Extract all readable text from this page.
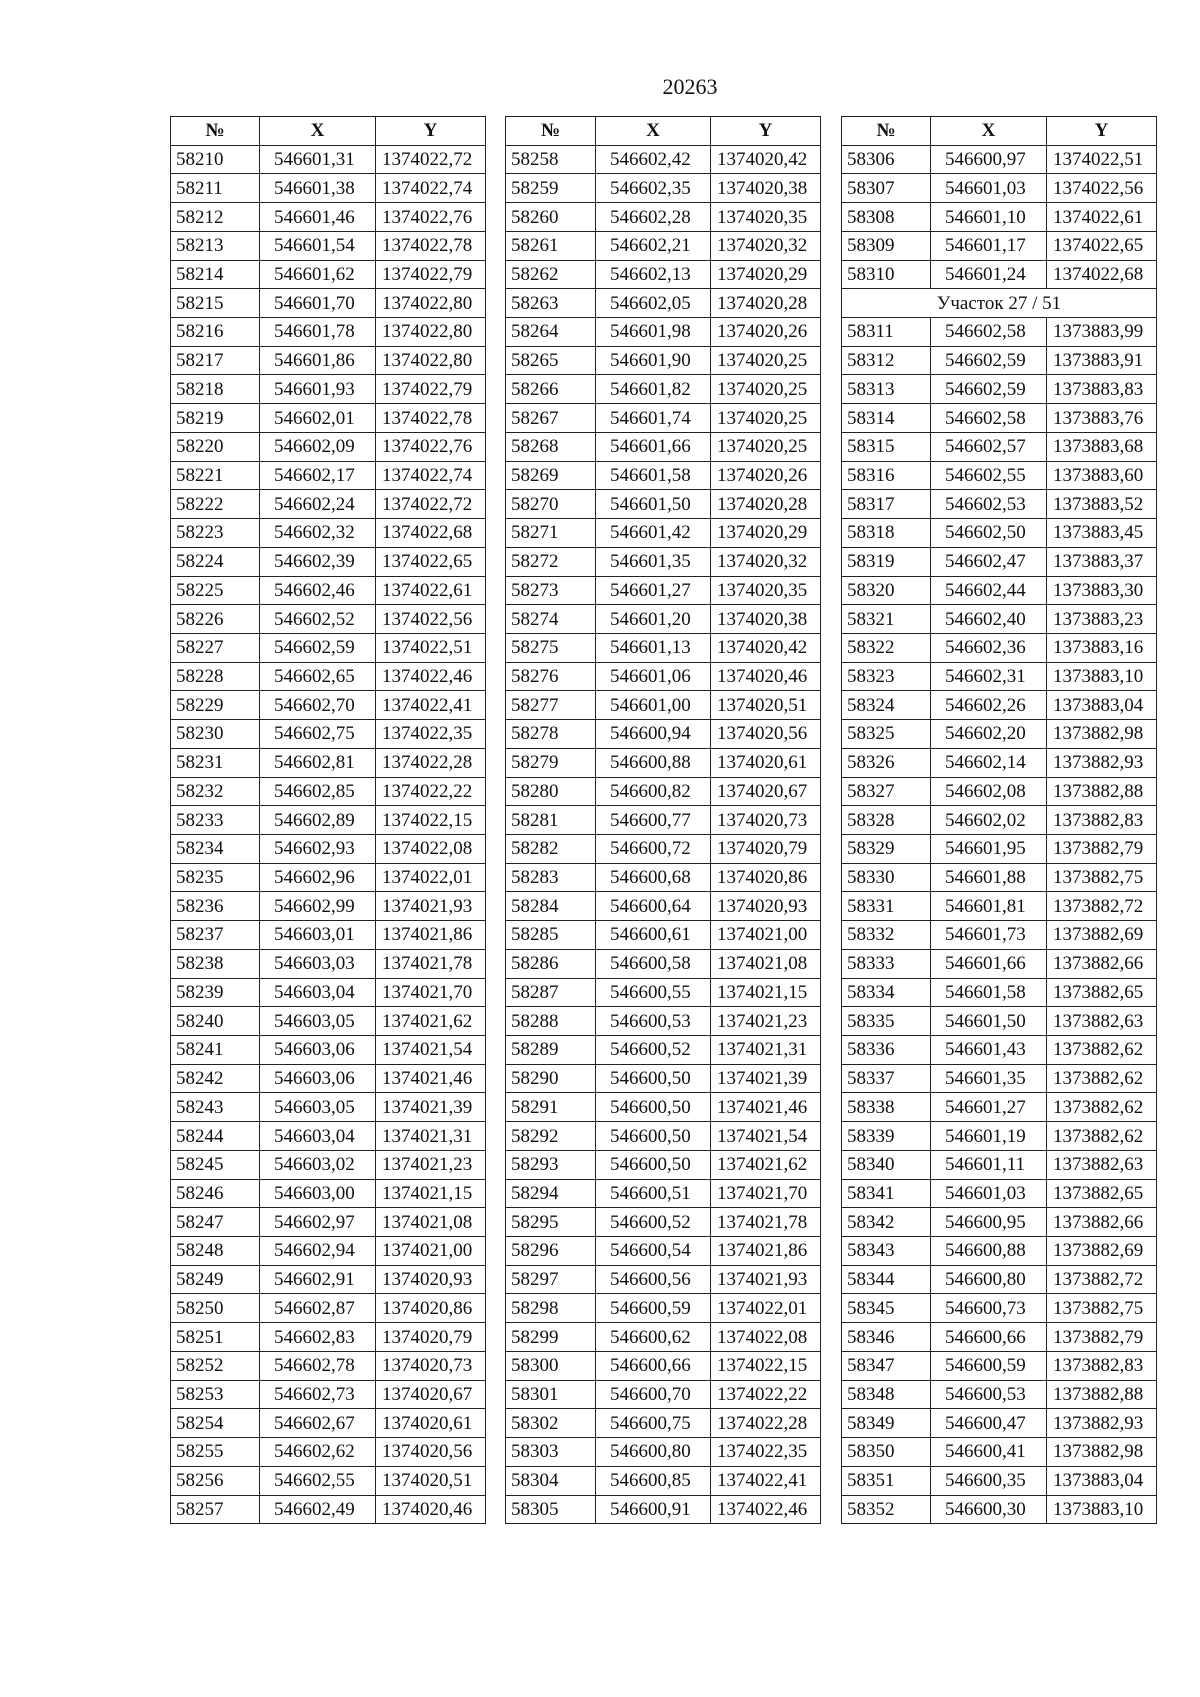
20263
№	X	Y
58210	546601,31	1374022,72
58211	546601,38	1374022,74
58212	546601,46	1374022,76
58213	546601,54	1374022,78
58214	546601,62	1374022,79
58215	546601,70	1374022,80
58216	546601,78	1374022,80
58217	546601,86	1374022,80
58218	546601,93	1374022,79
58219	546602,01	1374022,78
58220	546602,09	1374022,76
58221	546602,17	1374022,74
58222	546602,24	1374022,72
58223	546602,32	1374022,68
58224	546602,39	1374022,65
58225	546602,46	1374022,61
58226	546602,52	1374022,56
58227	546602,59	1374022,51
58228	546602,65	1374022,46
58229	546602,70	1374022,41
58230	546602,75	1374022,35
58231	546602,81	1374022,28
58232	546602,85	1374022,22
58233	546602,89	1374022,15
58234	546602,93	1374022,08
58235	546602,96	1374022,01
58236	546602,99	1374021,93
58237	546603,01	1374021,86
58238	546603,03	1374021,78
58239	546603,04	1374021,70
58240	546603,05	1374021,62
58241	546603,06	1374021,54
58242	546603,06	1374021,46
58243	546603,05	1374021,39
58244	546603,04	1374021,31
58245	546603,02	1374021,23
58246	546603,00	1374021,15
58247	546602,97	1374021,08
58248	546602,94	1374021,00
58249	546602,91	1374020,93
58250	546602,87	1374020,86
58251	546602,83	1374020,79
58252	546602,78	1374020,73
58253	546602,73	1374020,67
58254	546602,67	1374020,61
58255	546602,62	1374020,56
58256	546602,55	1374020,51
58257	546602,49	1374020,46
№	X	Y
58258	546602,42	1374020,42
58259	546602,35	1374020,38
58260	546602,28	1374020,35
58261	546602,21	1374020,32
58262	546602,13	1374020,29
58263	546602,05	1374020,28
58264	546601,98	1374020,26
58265	546601,90	1374020,25
58266	546601,82	1374020,25
58267	546601,74	1374020,25
58268	546601,66	1374020,25
58269	546601,58	1374020,26
58270	546601,50	1374020,28
58271	546601,42	1374020,29
58272	546601,35	1374020,32
58273	546601,27	1374020,35
58274	546601,20	1374020,38
58275	546601,13	1374020,42
58276	546601,06	1374020,46
58277	546601,00	1374020,51
58278	546600,94	1374020,56
58279	546600,88	1374020,61
58280	546600,82	1374020,67
58281	546600,77	1374020,73
58282	546600,72	1374020,79
58283	546600,68	1374020,86
58284	546600,64	1374020,93
58285	546600,61	1374021,00
58286	546600,58	1374021,08
58287	546600,55	1374021,15
58288	546600,53	1374021,23
58289	546600,52	1374021,31
58290	546600,50	1374021,39
58291	546600,50	1374021,46
58292	546600,50	1374021,54
58293	546600,50	1374021,62
58294	546600,51	1374021,70
58295	546600,52	1374021,78
58296	546600,54	1374021,86
58297	546600,56	1374021,93
58298	546600,59	1374022,01
58299	546600,62	1374022,08
58300	546600,66	1374022,15
58301	546600,70	1374022,22
58302	546600,75	1374022,28
58303	546600,80	1374022,35
58304	546600,85	1374022,41
58305	546600,91	1374022,46
№	X	Y
58306	546600,97	1374022,51
58307	546601,03	1374022,56
58308	546601,10	1374022,61
58309	546601,17	1374022,65
58310	546601,24	1374022,68
Участок 27 / 51		
58311	546602,58	1373883,99
58312	546602,59	1373883,91
58313	546602,59	1373883,83
58314	546602,58	1373883,76
58315	546602,57	1373883,68
58316	546602,55	1373883,60
58317	546602,53	1373883,52
58318	546602,50	1373883,45
58319	546602,47	1373883,37
58320	546602,44	1373883,30
58321	546602,40	1373883,23
58322	546602,36	1373883,16
58323	546602,31	1373883,10
58324	546602,26	1373883,04
58325	546602,20	1373882,98
58326	546602,14	1373882,93
58327	546602,08	1373882,88
58328	546602,02	1373882,83
58329	546601,95	1373882,79
58330	546601,88	1373882,75
58331	546601,81	1373882,72
58332	546601,73	1373882,69
58333	546601,66	1373882,66
58334	546601,58	1373882,65
58335	546601,50	1373882,63
58336	546601,43	1373882,62
58337	546601,35	1373882,62
58338	546601,27	1373882,62
58339	546601,19	1373882,62
58340	546601,11	1373882,63
58341	546601,03	1373882,65
58342	546600,95	1373882,66
58343	546600,88	1373882,69
58344	546600,80	1373882,72
58345	546600,73	1373882,75
58346	546600,66	1373882,79
58347	546600,59	1373882,83
58348	546600,53	1373882,88
58349	546600,47	1373882,93
58350	546600,41	1373882,98
58351	546600,35	1373883,04
58352	546600,30	1373883,10
